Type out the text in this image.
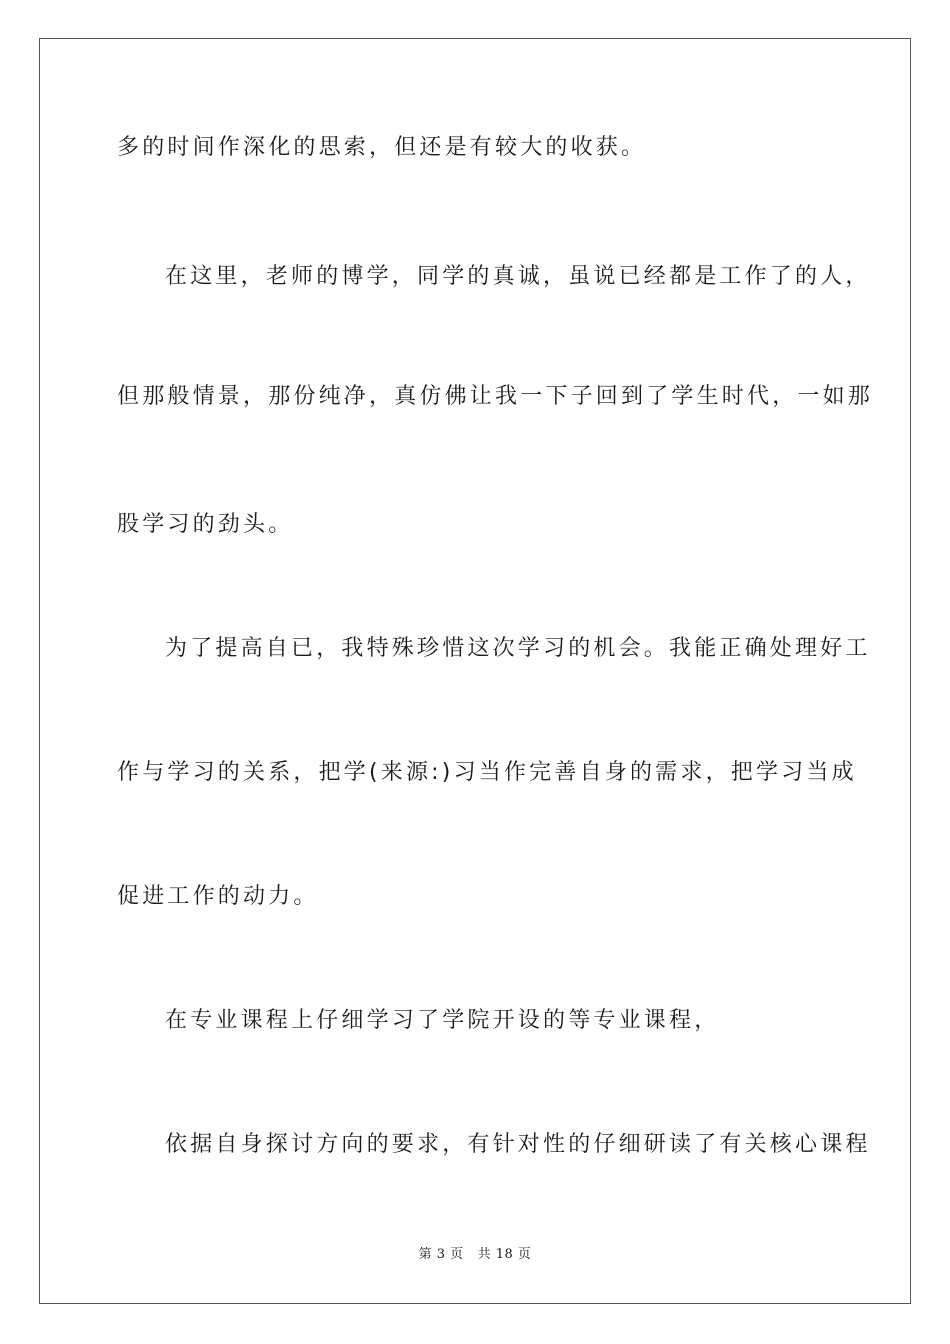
多的时间作深化的思索，但还是有较大的收获。
在这里，老师的博学，同学的真诚，虽说已经都是工作了的人，
但那般情景，那份纯净，真仿佛让我一下子回到了学生时代，一如那
股学习的劲头。
为了提高自已，我特殊珍惜这次学习的机会。我能正确处理好工
作与学习的关系，把学(来源:)习当作完善自身的需求，把学习当成
促进工作的动力。
在专业课程上仔细学习了学院开设的等专业课程，
依据自身探讨方向的要求，有针对性的仔细研读了有关核心课程
第 3 页 共 18 页
